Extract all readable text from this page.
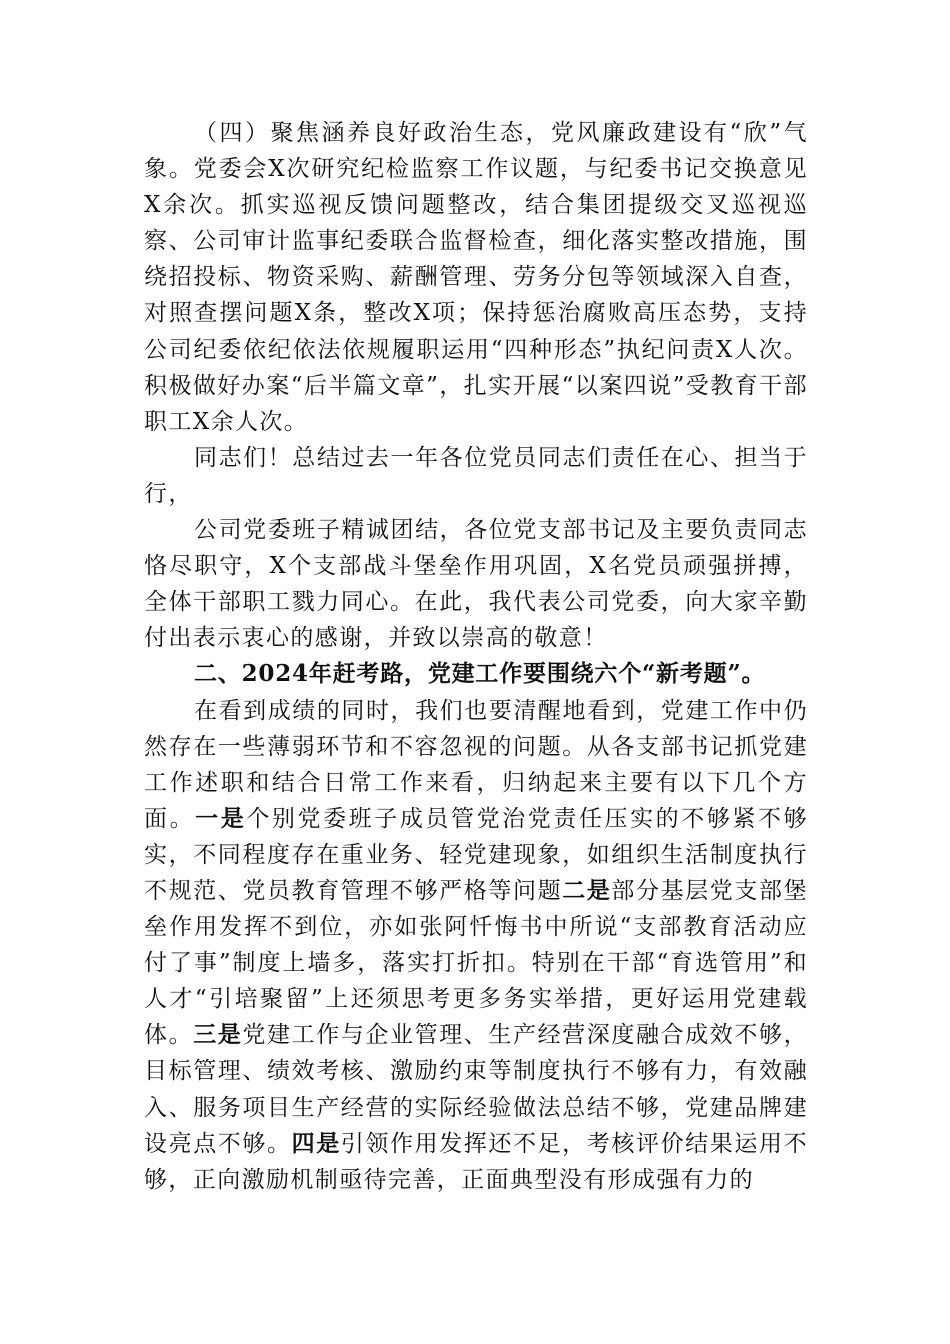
（四）聚焦涵养良好政治生态，党风廉政建设有“欣”气象。党委会X次研究纪检监察工作议题，与纪委书记交换意见X余次。抓实巡视反馈问题整改，结合集团提级交叉巡视巡察、公司审计监事纪委联合监督检查，细化落实整改措施，围绕招投标、物资采购、薪酬管理、劳务分包等领域深入自查，对照查摆问题X条，整改X项；保持惩治腐败高压态势，支持公司纪委依纪依法依规履职运用“四种形态”执纪问责X人次。积极做好办案“后半篇文章”，扎实开展“以案四说”受教育干部职工X余人次。

同志们！总结过去一年各位党员同志们责任在心、担当于行，

公司党委班子精诚团结，各位党支部书记及主要负责同志恪尽职守，X个支部战斗堡垒作用巩固，X名党员顽强拼搏，全体干部职工戮力同心。在此，我代表公司党委，向大家辛勤付出表示衷心的感谢，并致以崇高的敬意！

二、2024年赶考路，党建工作要围绕六个“新考题”。

在看到成绩的同时，我们也要清醒地看到，党建工作中仍然存在一些薄弱环节和不容忽视的问题。从各支部书记抓党建工作述职和结合日常工作来看，归纳起来主要有以下几个方面。一是个别党委班子成员管党治党责任压实的不够紧不够实，不同程度存在重业务、轻党建现象，如组织生活制度执行不规范、党员教育管理不够严格等问题二是部分基层党支部堡垒作用发挥不到位，亦如张阿忏悔书中所说“支部教育活动应付了事”制度上墙多，落实打折扣。特别在干部“育选管用”和人才“引培聚留”上还须思考更多务实举措，更好运用党建载体。三是党建工作与企业管理、生产经营深度融合成效不够，目标管理、绩效考核、激励约束等制度执行不够有力，有效融入、服务项目生产经营的实际经验做法总结不够，党建品牌建设亮点不够。四是引领作用发挥还不足，考核评价结果运用不够，正向激励机制亟待完善，正面典型没有形成强有力的
